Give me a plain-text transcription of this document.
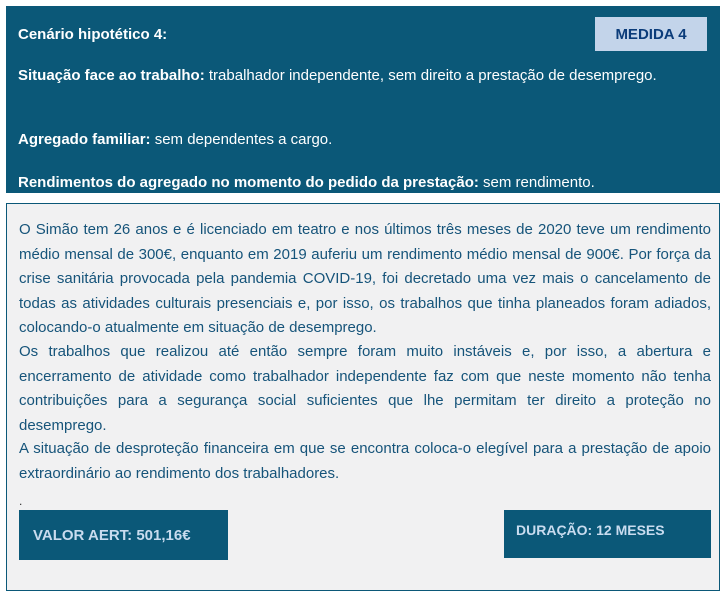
Cenário hipotético 4:	MEDIDA 4
Situação face ao trabalho: trabalhador independente, sem direito a prestação de desemprego.
Agregado familiar: sem dependentes a cargo.
Rendimentos do agregado no momento do pedido da prestação: sem rendimento.
O Simão tem 26 anos e é licenciado em teatro e nos últimos três meses de 2020 teve um rendimento médio mensal de 300€, enquanto em 2019 auferiu um rendimento médio mensal de 900€. Por força da crise sanitária provocada pela pandemia COVID-19, foi decretado uma vez mais o cancelamento de todas as atividades culturais presenciais e, por isso, os trabalhos que tinha planeados foram adiados, colocando-o atualmente em situação de desemprego.
Os trabalhos que realizou até então sempre foram muito instáveis e, por isso, a abertura e encerramento de atividade como trabalhador independente faz com que neste momento não tenha contribuições para a segurança social suficientes que lhe permitam ter direito a proteção no desemprego.
A situação de desproteção financeira em que se encontra coloca-o elegível para a prestação de apoio extraordinário ao rendimento dos trabalhadores.
.
VALOR AERT: 501,16€	DURAÇÃO: 12 MESES
